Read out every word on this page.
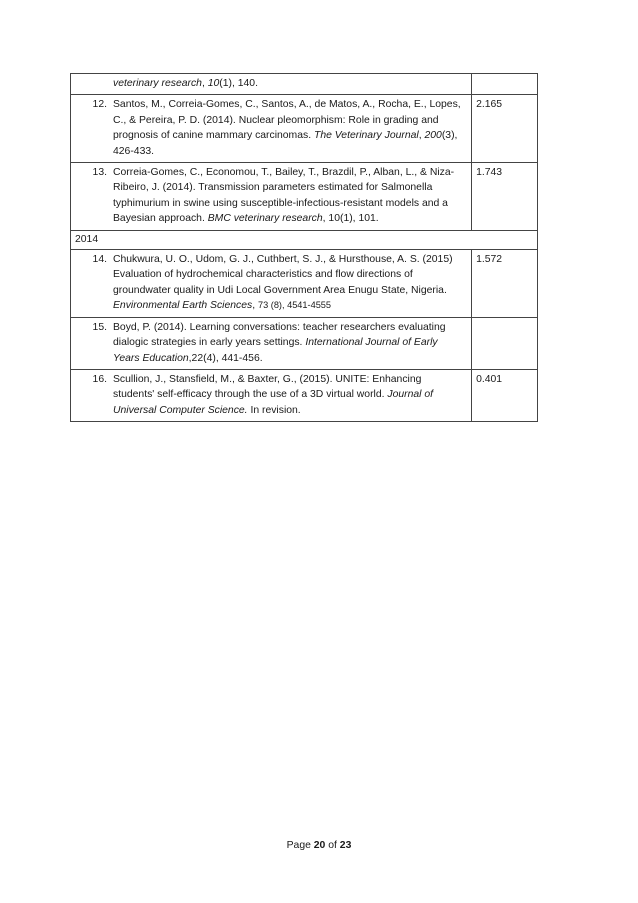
veterinary research, 10(1), 140.	

12. Santos, M., Correia-Gomes, C., Santos, A., de Matos, A., Rocha, E., Lopes, C., & Pereira, P. D. (2014). Nuclear pleomorphism: Role in grading and prognosis of canine mammary carcinomas. The Veterinary Journal, 200(3), 426-433.	2.165

13. Correia-Gomes, C., Economou, T., Bailey, T., Brazdil, P., Alban, L., & Niza-Ribeiro, J. (2014). Transmission parameters estimated for Salmonella typhimurium in swine using susceptible-infectious-resistant models and a Bayesian approach. BMC veterinary research, 10(1), 101.	1.743
2014	

14. Chukwura, U. O., Udom, G. J., Cuthbert, S. J., & Hursthouse, A. S. (2015) Evaluation of hydrochemical characteristics and flow directions of groundwater quality in Udi Local Government Area Enugu State, Nigeria. Environmental Earth Sciences, 73 (8), 4541-4555	1.572

15. Boyd, P. (2014). Learning conversations: teacher researchers evaluating dialogic strategies in early years settings. International Journal of Early Years Education,22(4), 441-456.	

16. Scullion, J., Stansfield, M., & Baxter, G., (2015). UNITE: Enhancing students' self-efficacy through the use of a 3D virtual world. Journal of Universal Computer Science. In revision.	0.401
Page 20 of 23
